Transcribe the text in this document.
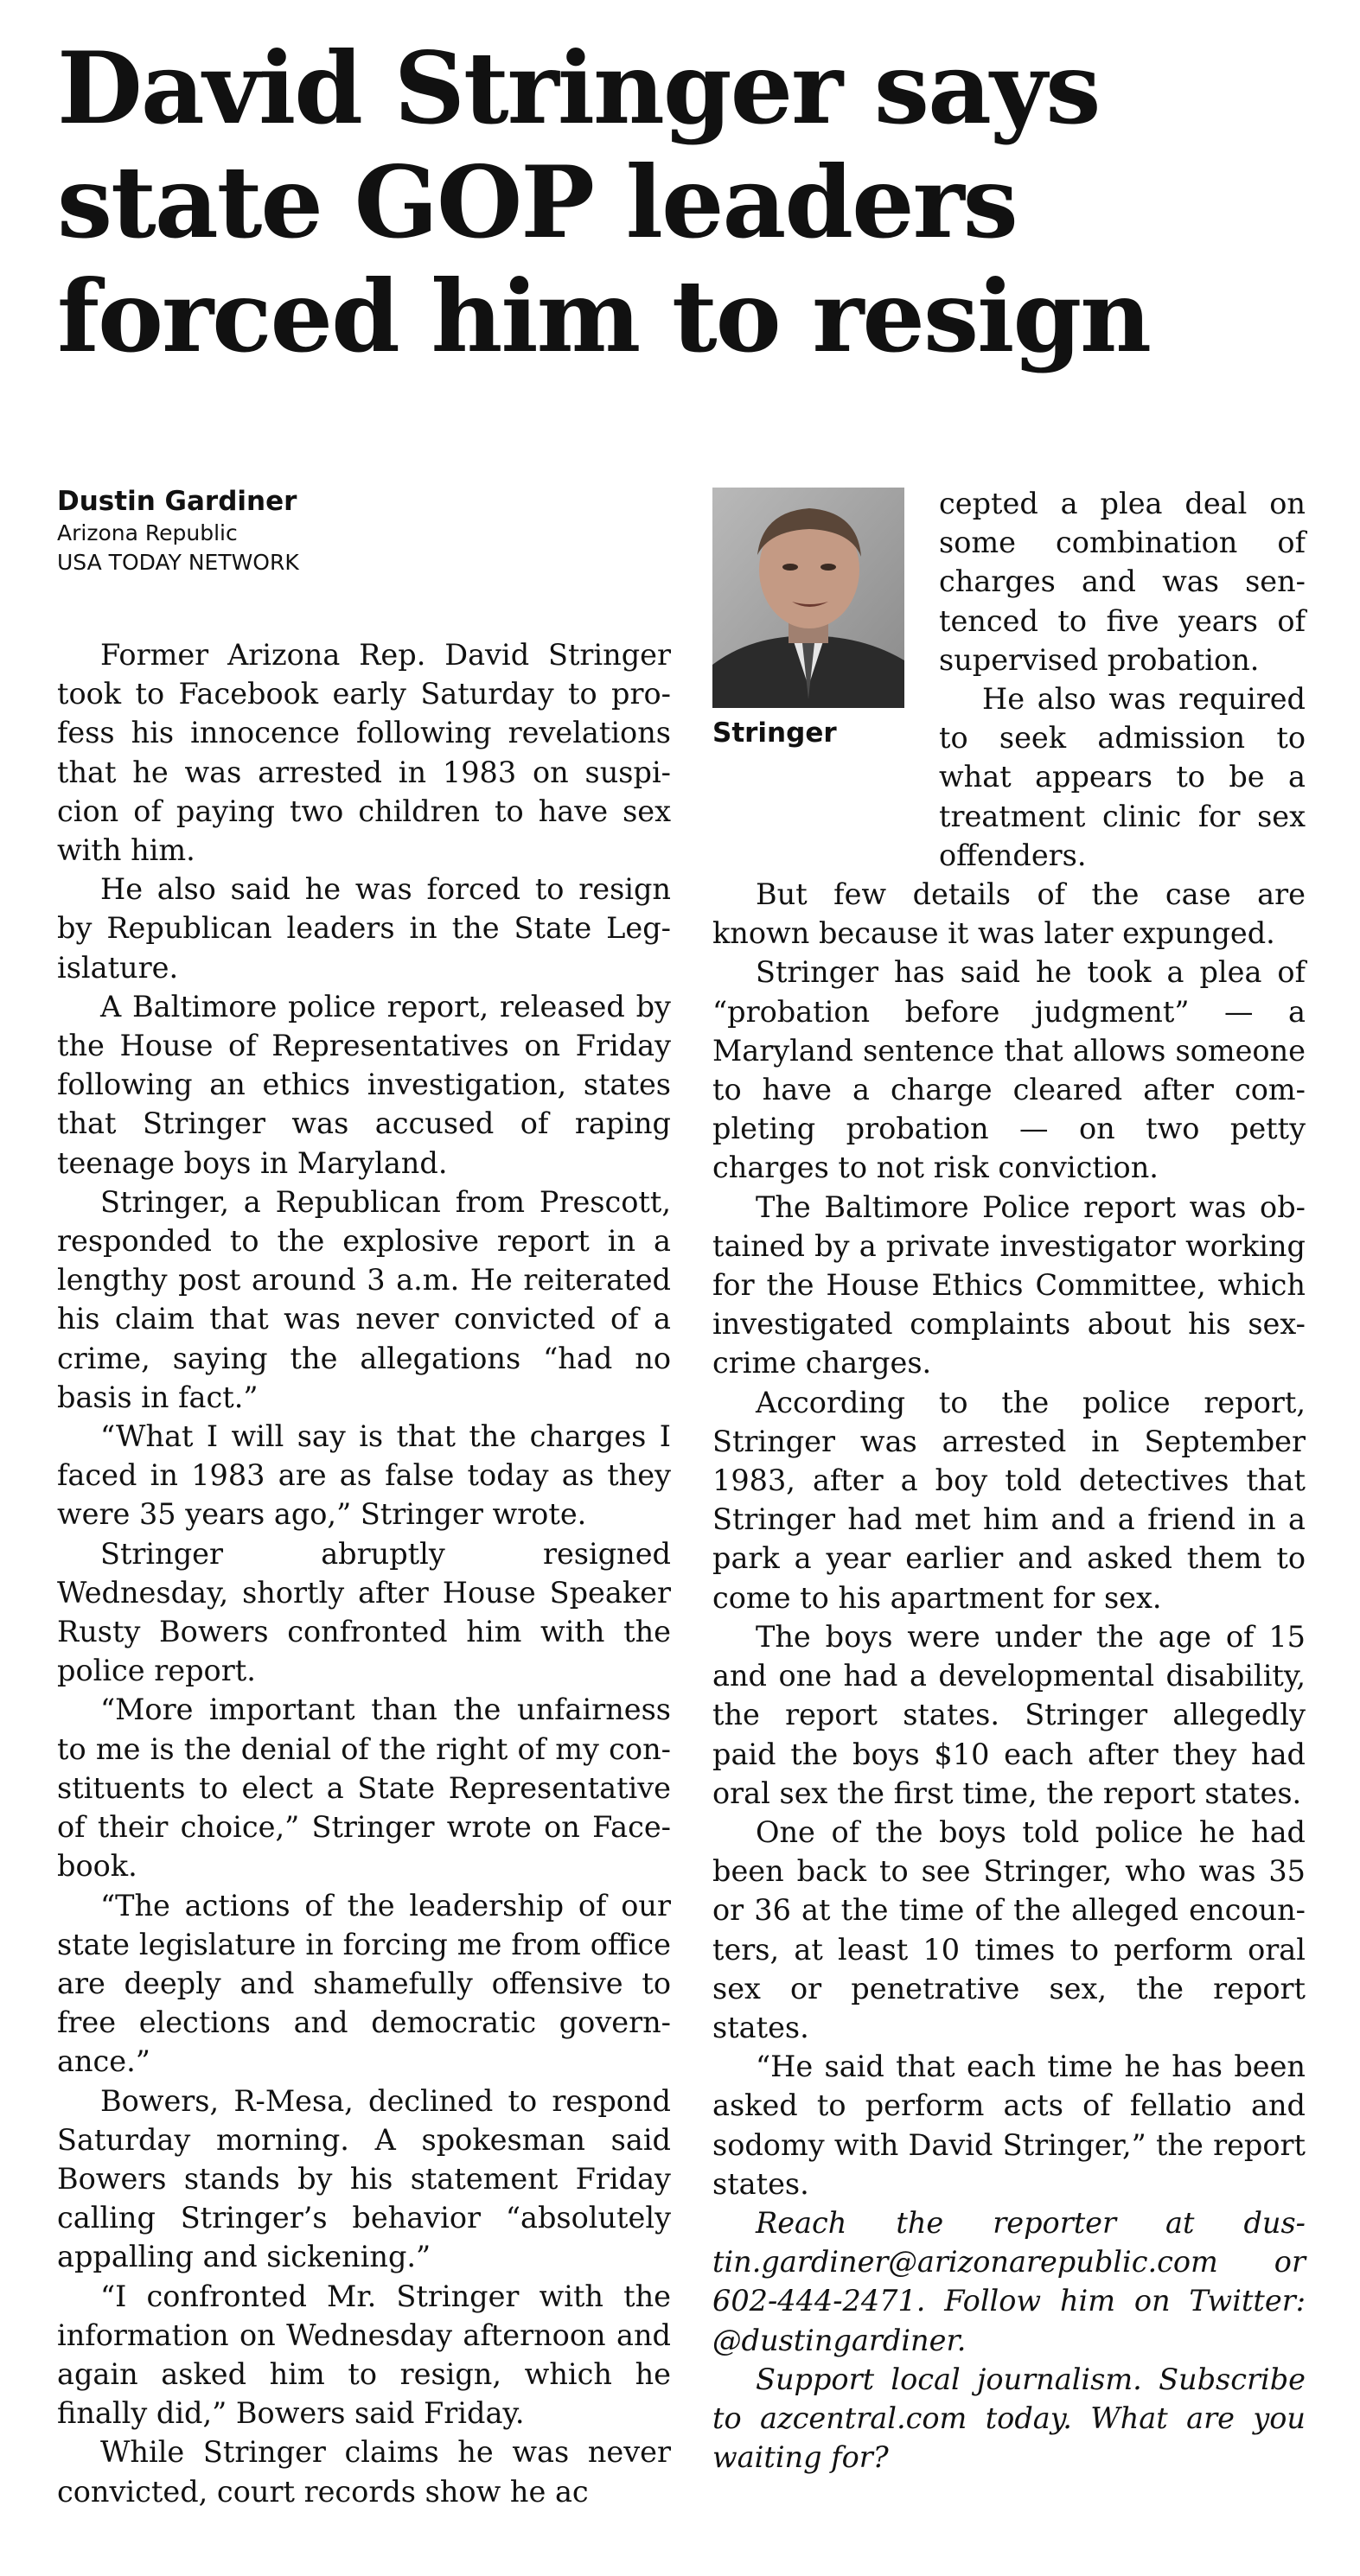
David Stringer says state GOP leaders forced him to resign
Dustin Gardiner
Arizona Republic
USA TODAY NETWORK

Former Arizona Rep. David Stringer took to Facebook early Saturday to profess his innocence following revelations that he was arrested in 1983 on suspicion of paying two children to have sex with him.

He also said he was forced to resign by Republican leaders in the State Legislature.

A Baltimore police report, released by the House of Representatives on Friday following an ethics investigation, states that Stringer was accused of raping teenage boys in Maryland.

Stringer, a Republican from Prescott, responded to the explosive report in a lengthy post around 3 a.m. He reiterated his claim that was never convicted of a crime, saying the allegations “had no basis in fact.”

“What I will say is that the charges I faced in 1983 are as false today as they were 35 years ago,” Stringer wrote.

Stringer abruptly resigned Wednesday, shortly after House Speaker Rusty Bowers confronted him with the police report.

“More important than the unfairness to me is the denial of the right of my constituents to elect a State Representative of their choice,” Stringer wrote on Facebook.

“The actions of the leadership of our state legislature in forcing me from office are deeply and shamefully offensive to free elections and democratic governance.”

Bowers, R-Mesa, declined to respond Saturday morning. A spokesman said Bowers stands by his statement Friday calling Stringer’s behavior “absolutely appalling and sickening.”

“I confronted Mr. Stringer with the information on Wednesday afternoon and again asked him to resign, which he finally did,” Bowers said Friday.

While Stringer claims he was never convicted, court records show he ac

Stringer

cepted a plea deal on some combination of charges and was sentenced to five years of supervised probation.

He also was required to seek admission to what appears to be a treatment clinic for sex offenders.

But few details of the case are known because it was later expunged.

Stringer has said he took a plea of “probation before judgment” — a Maryland sentence that allows someone to have a charge cleared after completing probation — on two petty charges to not risk conviction.

The Baltimore Police report was obtained by a private investigator working for the House Ethics Committee, which investigated complaints about his sex-crime charges.

According to the police report, Stringer was arrested in September 1983, after a boy told detectives that Stringer had met him and a friend in a park a year earlier and asked them to come to his apartment for sex.

The boys were under the age of 15 and one had a developmental disability, the report states. Stringer allegedly paid the boys $10 each after they had oral sex the first time, the report states.

One of the boys told police he had been back to see Stringer, who was 35 or 36 at the time of the alleged encounters, at least 10 times to perform oral sex or penetrative sex, the report states.

“He said that each time he has been asked to perform acts of fellatio and sodomy with David Stringer,” the report states.

Reach the reporter at dustin.gardiner@arizonarepublic.com or 602-444-2471. Follow him on Twitter: @dustingardiner.

Support local journalism. Subscribe to azcentral.com today. What are you waiting for?
